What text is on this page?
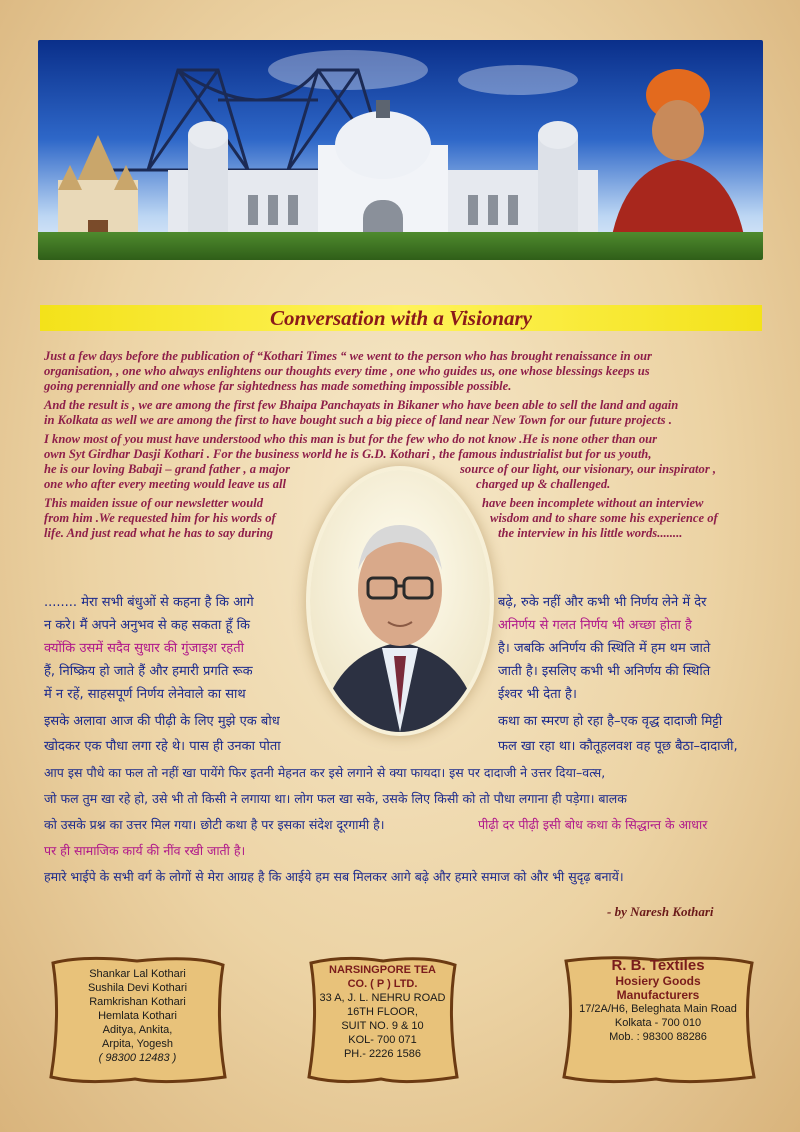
Conversation with a Visionary

Just a few days before the publication of “Kothari Times “ we went to the person who has brought renaissance in our

organisation, , one who always enlightens our thoughts every time , one who guides us, one whose blessings keeps us

going perennially and one whose far sightedness has made something impossible possible.

And the result is , we are among the first few Bhaipa Panchayats in Bikaner who have been able to sell the land and again

in Kolkata as well we are among the first to have bought such a big piece of land near New Town for our future projects .

I know most of you must have understood who this man is but for the few who do not know .He is none other than our

own Syt Girdhar Dasji Kothari . For the business world he is G.D. Kothari , the famous industrialist but for us youth,

he is our loving Babaji – grand father , a major	source of our light, our visionary, our inspirator ,

one who after every meeting would leave us all	charged up & challenged.

This maiden issue of our newsletter would	have been incomplete without an interview

from him .We requested him for his words of	wisdom and to share some his experience of

life. And just read what he has to say during	the interview in his little words........

........ मेरा सभी बंधुओं से कहना है कि आगे	बढ़े, रुके नहीं और कभी भी निर्णय लेने में देर

न करे। मैं अपने अनुभव से कह सकता हूँ कि	अनिर्णय से गलत निर्णय भी अच्छा होता है

क्योंकि उसमें सदैव सुधार की गुंजाइश रहती	है। जबकि अनिर्णय की स्थिति में हम थम जाते

हैं, निष्क्रिय हो जाते हैं और हमारी प्रगति रूक	जाती है। इसलिए कभी भी अनिर्णय की स्थिति

में न रहें, साहसपूर्ण निर्णय लेनेवाले का साथ	ईश्वर भी देता है।

इसके अलावा आज की पीढ़ी के लिए मुझे एक बोध	कथा का स्मरण हो रहा है–एक वृद्ध दादाजी मिट्टी

खोदकर एक पौधा लगा रहे थे। पास ही उनका पोता	फल खा रहा था। कौतूहलवश वह पूछ बैठा–दादाजी,

आप इस पौधे का फल तो नहीं खा पायेंगे फिर इतनी मेहनत कर इसे लगाने से क्या फायदा। इस पर दादाजी ने उत्तर दिया–वत्स,

जो फल तुम खा रहे हो, उसे भी तो किसी ने लगाया था। लोग फल खा सके, उसके लिए किसी को तो पौधा लगाना ही पड़ेगा। बालक

को उसके प्रश्न का उत्तर मिल गया। छोटी कथा है पर इसका संदेश दूरगामी है।	पीढ़ी दर पीढ़ी इसी बोध कथा के सिद्धान्त के आधार

पर ही सामाजिक कार्य की नींव रखी जाती है।

हमारे भाईपे के सभी वर्ग के लोगों से मेरा आग्रह है कि आईये हम सब मिलकर आगे बढ़े और हमारे समाज को और भी सुदृढ़ बनायें।

- by Naresh Kothari
Shankar Lal Kothari
Sushila Devi Kothari
Ramkrishan Kothari
Hemlata Kothari
Aditya, Ankita,
Arpita, Yogesh
( 98300 12483 )
NARSINGPORE TEA
CO. ( P ) LTD.
33 A, J. L. NEHRU ROAD
16TH FLOOR,
SUIT NO. 9 & 10
KOL- 700 071
PH.- 2226 1586
R. B. Textiles
Hosiery Goods
Manufacturers
17/2A/H6, Beleghata Main Road
Kolkata - 700 010
Mob. : 98300 88286
